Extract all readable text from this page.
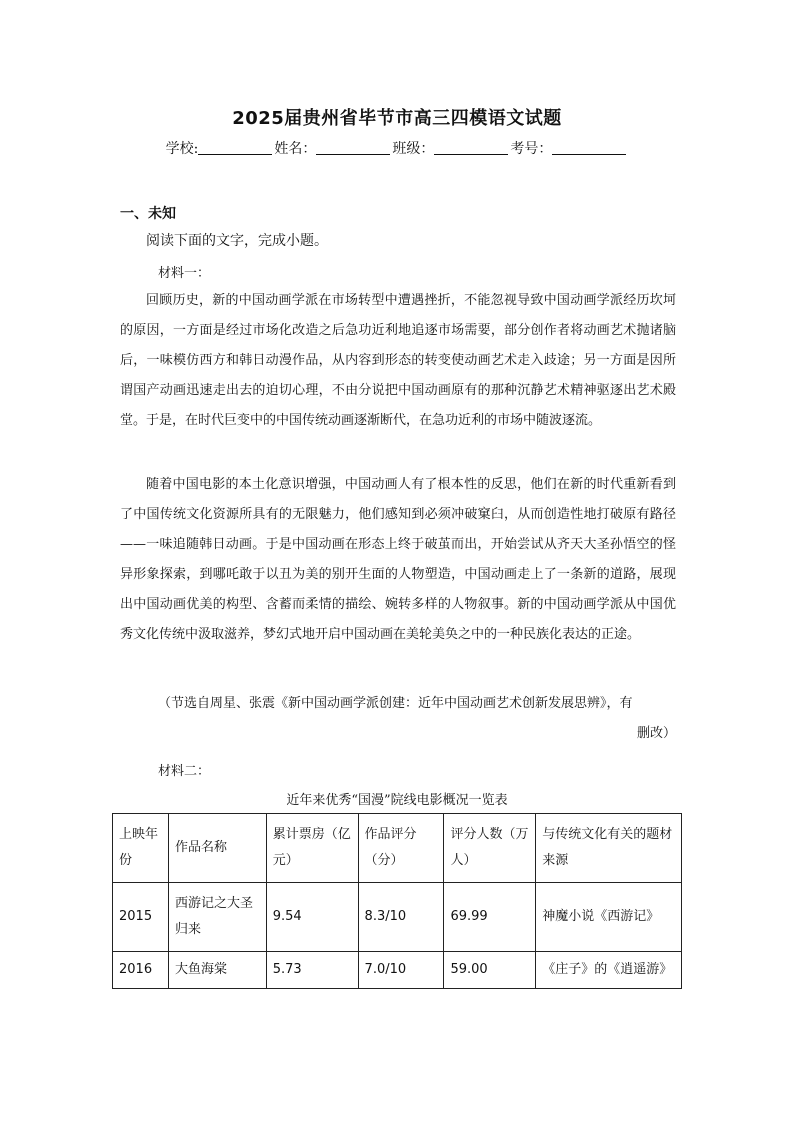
2025届贵州省毕节市高三四模语文试题
学校:	姓名：	班级：	考号：
一、未知
阅读下面的文字，完成小题。
材料一：
回顾历史，新的中国动画学派在市场转型中遭遇挫折，不能忽视导致中国动画学派经历坎坷的原因，一方面是经过市场化改造之后急功近利地追逐市场需要，部分创作者将动画艺术抛诸脑后，一味模仿西方和韩日动漫作品，从内容到形态的转变使动画艺术走入歧途；另一方面是因所谓国产动画迅速走出去的迫切心理，不由分说把中国动画原有的那种沉静艺术精神驱逐出艺术殿堂。于是，在时代巨变中的中国传统动画逐渐断代，在急功近利的市场中随波逐流。
随着中国电影的本土化意识增强，中国动画人有了根本性的反思，他们在新的时代重新看到了中国传统文化资源所具有的无限魅力，他们感知到必须冲破窠臼，从而创造性地打破原有路径——一味追随韩日动画。于是中国动画在形态上终于破茧而出，开始尝试从齐天大圣孙悟空的怪异形象探索，到哪吒敢于以丑为美的别开生面的人物塑造，中国动画走上了一条新的道路，展现出中国动画优美的构型、含蓄而柔情的描绘、婉转多样的人物叙事。新的中国动画学派从中国优秀文化传统中汲取滋养，梦幻式地开启中国动画在美轮美奂之中的一种民族化表达的正途。
（节选自周星、张震《新中国动画学派创建：近年中国动画艺术创新发展思辨》，有
删改）
材料二：
近年来优秀“国漫”院线电影概况一览表
上映年份	作品名称	累计票房（亿元）	作品评分（分）	评分人数（万人）	与传统文化有关的题材来源
2015	西游记之大圣归来	9.54	8.3/10	69.99	神魔小说《西游记》
2016	大鱼海棠	5.73	7.0/10	59.00	《庄子》的《逍遥游》
